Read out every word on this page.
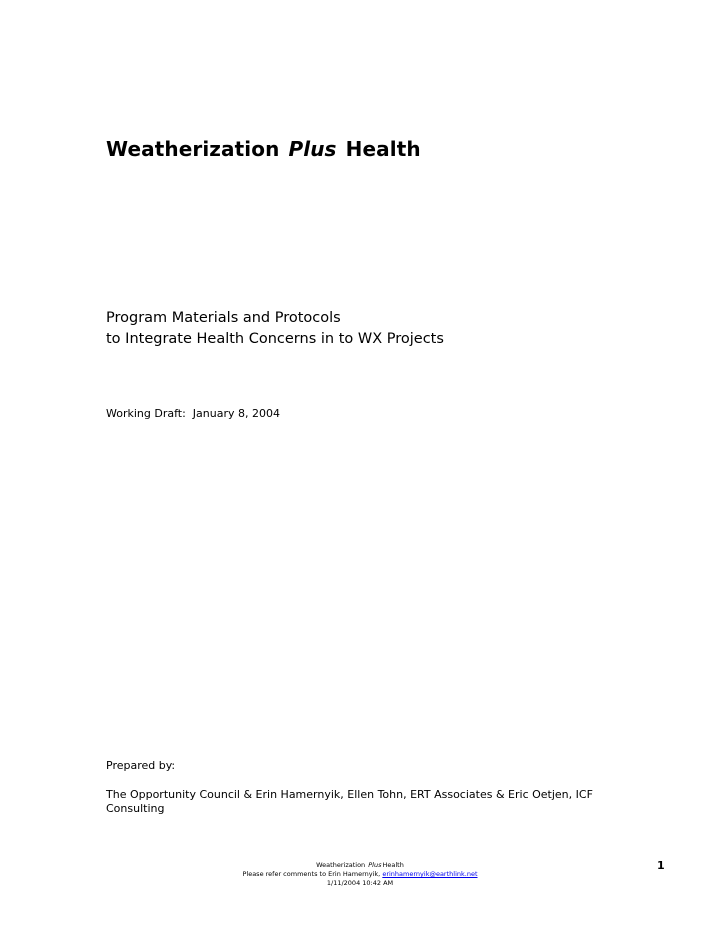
Weatherization Plus Health
Program Materials and Protocols
to Integrate Health Concerns in to WX Projects
Working Draft:  January 8, 2004
Prepared by:
The Opportunity Council & Erin Hamernyik, Ellen Tohn, ERT Associates & Eric Oetjen, ICF Consulting
Weatherization PlusHealth
Please refer comments to Erin Hamernyik, erinhamernyik@earthlink.net
1/11/2004 10:42 AM
1
